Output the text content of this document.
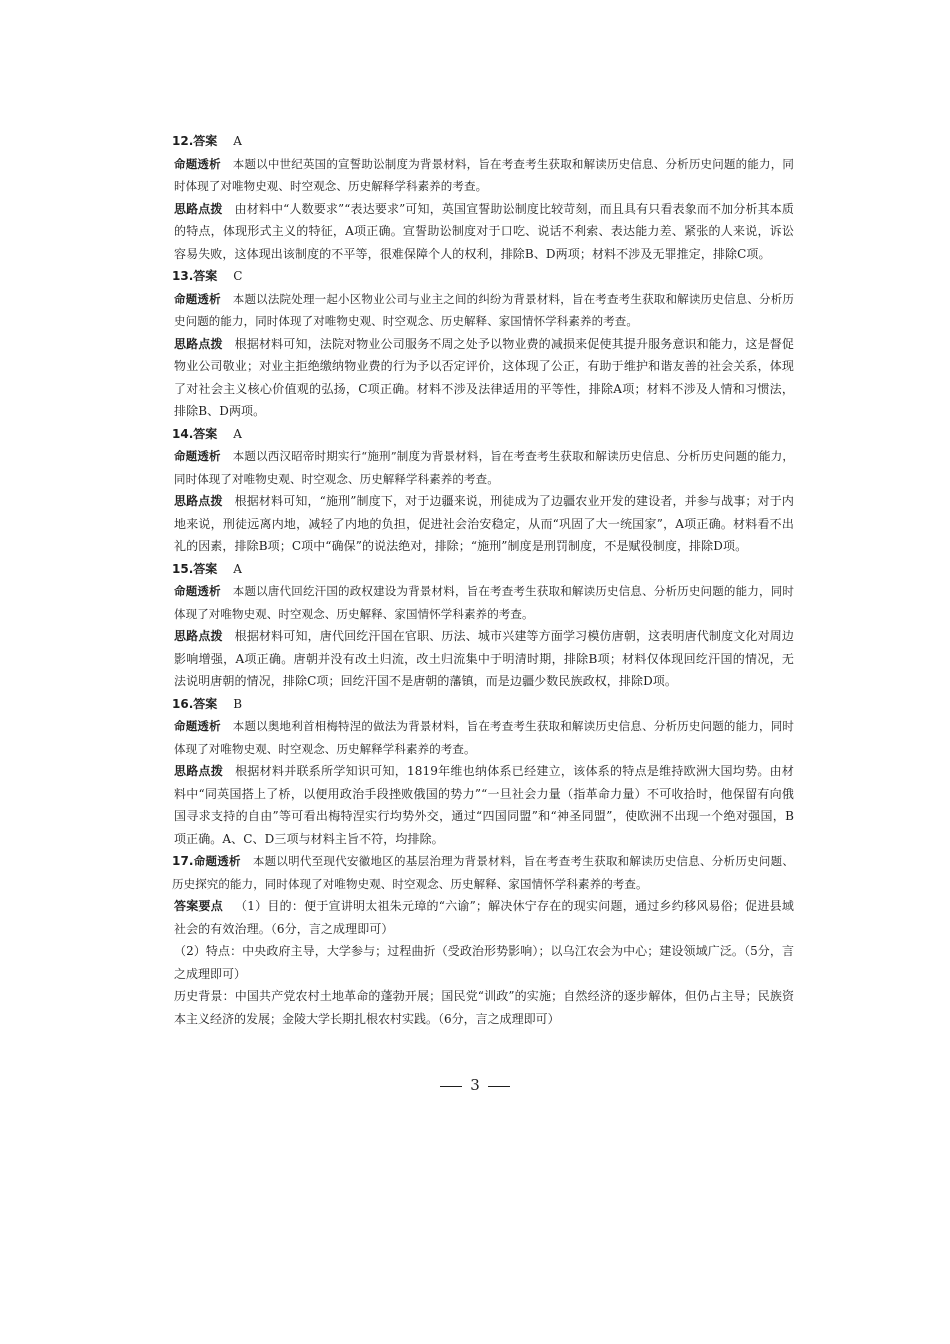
12.答案 A
命题透析 本题以中世纪英国的宣誓助讼制度为背景材料，旨在考查考生获取和解读历史信息、分析历史问题的能力，同时体现了对唯物史观、时空观念、历史解释学科素养的考查。
思路点拨 由材料中“人数要求”“表达要求”可知，英国宣誓助讼制度比较苛刻，而且具有只看表象而不加分析其本质的特点，体现形式主义的特征，A项正确。宣誓助讼制度对于口吃、说话不利索、表达能力差、紧张的人来说，诉讼容易失败，这体现出该制度的不平等，很难保障个人的权利，排除B、D两项；材料不涉及无罪推定，排除C项。
13.答案 C
命题透析 本题以法院处理一起小区物业公司与业主之间的纠纷为背景材料，旨在考查考生获取和解读历史信息、分析历史问题的能力，同时体现了对唯物史观、时空观念、历史解释、家国情怀学科素养的考查。
思路点拨 根据材料可知，法院对物业公司服务不周之处予以物业费的减损来促使其提升服务意识和能力，这是督促物业公司敬业；对业主拒绝缴纳物业费的行为予以否定评价，这体现了公正，有助于维护和谐友善的社会关系，体现了对社会主义核心价值观的弘扬，C项正确。材料不涉及法律适用的平等性，排除A项；材料不涉及人情和习惯法，排除B、D两项。
14.答案 A
命题透析 本题以西汉昭帝时期实行“施刑”制度为背景材料，旨在考查考生获取和解读历史信息、分析历史问题的能力，同时体现了对唯物史观、时空观念、历史解释学科素养的考查。
思路点拨 根据材料可知，“施刑”制度下，对于边疆来说，刑徒成为了边疆农业开发的建设者，并参与战事；对于内地来说，刑徒远离内地，减轻了内地的负担，促进社会治安稳定，从而“巩固了大一统国家”，A项正确。材料看不出礼的因素，排除B项；C项中“确保”的说法绝对，排除；“施刑”制度是刑罚制度，不是赋役制度，排除D项。
15.答案 A
命题透析 本题以唐代回纥汗国的政权建设为背景材料，旨在考查考生获取和解读历史信息、分析历史问题的能力，同时体现了对唯物史观、时空观念、历史解释、家国情怀学科素养的考查。
思路点拨 根据材料可知，唐代回纥汗国在官职、历法、城市兴建等方面学习模仿唐朝，这表明唐代制度文化对周边影响增强，A项正确。唐朝并没有改土归流，改土归流集中于明清时期，排除B项；材料仅体现回纥汗国的情况，无法说明唐朝的情况，排除C项；回纥汗国不是唐朝的藩镇，而是边疆少数民族政权，排除D项。
16.答案 B
命题透析 本题以奥地利首相梅特涅的做法为背景材料，旨在考查考生获取和解读历史信息、分析历史问题的能力，同时体现了对唯物史观、时空观念、历史解释学科素养的考查。
思路点拨 根据材料并联系所学知识可知，1819年维也纳体系已经建立，该体系的特点是维持欧洲大国均势。由材料中“同英国搭上了桥，以便用政治手段挫败俄国的势力”“一旦社会力量（指革命力量）不可收拾时，他保留有向俄国寻求支持的自由”等可看出梅特涅实行均势外交，通过“四国同盟”和“神圣同盟”，使欧洲不出现一个绝对强国，B项正确。A、C、D三项与材料主旨不符，均排除。
17.命题透析 本题以明代至现代安徽地区的基层治理为背景材料，旨在考查考生获取和解读历史信息、分析历史问题、历史探究的能力，同时体现了对唯物史观、时空观念、历史解释、家国情怀学科素养的考查。
答案要点 （1）目的：便于宣讲明太祖朱元璋的“六谕”；解决休宁存在的现实问题，通过乡约移风易俗；促进县域社会的有效治理。（6分，言之成理即可）
（2）特点：中央政府主导，大学参与；过程曲折（受政治形势影响）；以乌江农会为中心；建设领域广泛。（5分，言之成理即可）
历史背景：中国共产党农村土地革命的蓬勃开展；国民党“训政”的实施；自然经济的逐步解体，但仍占主导；民族资本主义经济的发展；金陵大学长期扎根农村实践。（6分，言之成理即可）
3
